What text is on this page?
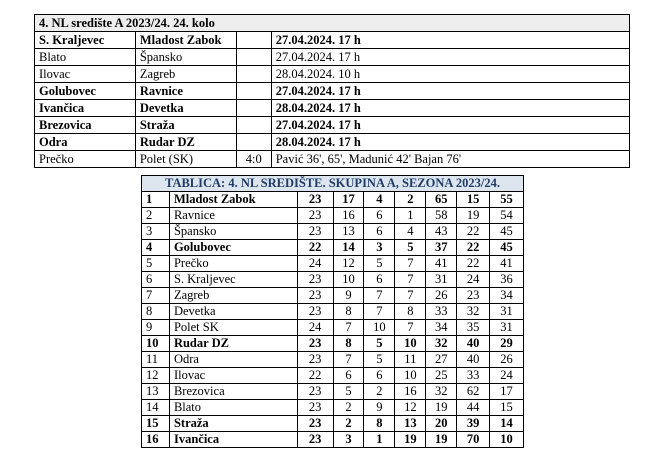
4. NL središte A 2023/24. 24. kolo			
S. Kraljevec	Mladost Zabok		27.04.2024. 17 h
Blato	Špansko		27.04.2024. 17 h
Ilovac	Zagreb		28.04.2024. 10 h
Golubovec	Ravnice		27.04.2024. 17 h
Ivančica	Devetka		28.04.2024. 17 h
Brezovica	Straža		27.04.2024. 17 h
Odra	Rudar DZ		28.04.2024. 17 h
Prečko	Polet (SK)	4:0	Pavić 36', 65', Madunić 42' Bajan 76'
TABLICA: 4. NL SREDIŠTE. SKUPINA A, SEZONA 2023/24.								
1	Mladost Zabok	23	17	4	2	65	15	55
2	Ravnice	23	16	6	1	58	19	54
3	Špansko	23	13	6	4	43	22	45
4	Golubovec	22	14	3	5	37	22	45
5	Prečko	24	12	5	7	41	22	41
6	S. Kraljevec	23	10	6	7	31	24	36
7	Zagreb	23	9	7	7	26	23	34
8	Devetka	23	8	7	8	33	32	31
9	Polet SK	24	7	10	7	34	35	31
10	Rudar DZ	23	8	5	10	32	40	29
11	Odra	23	7	5	11	27	40	26
12	Ilovac	22	6	6	10	25	33	24
13	Brezovica	23	5	2	16	32	62	17
14	Blato	23	2	9	12	19	44	15
15	Straža	23	2	8	13	20	39	14
16	Ivančica	23	3	1	19	19	70	10
